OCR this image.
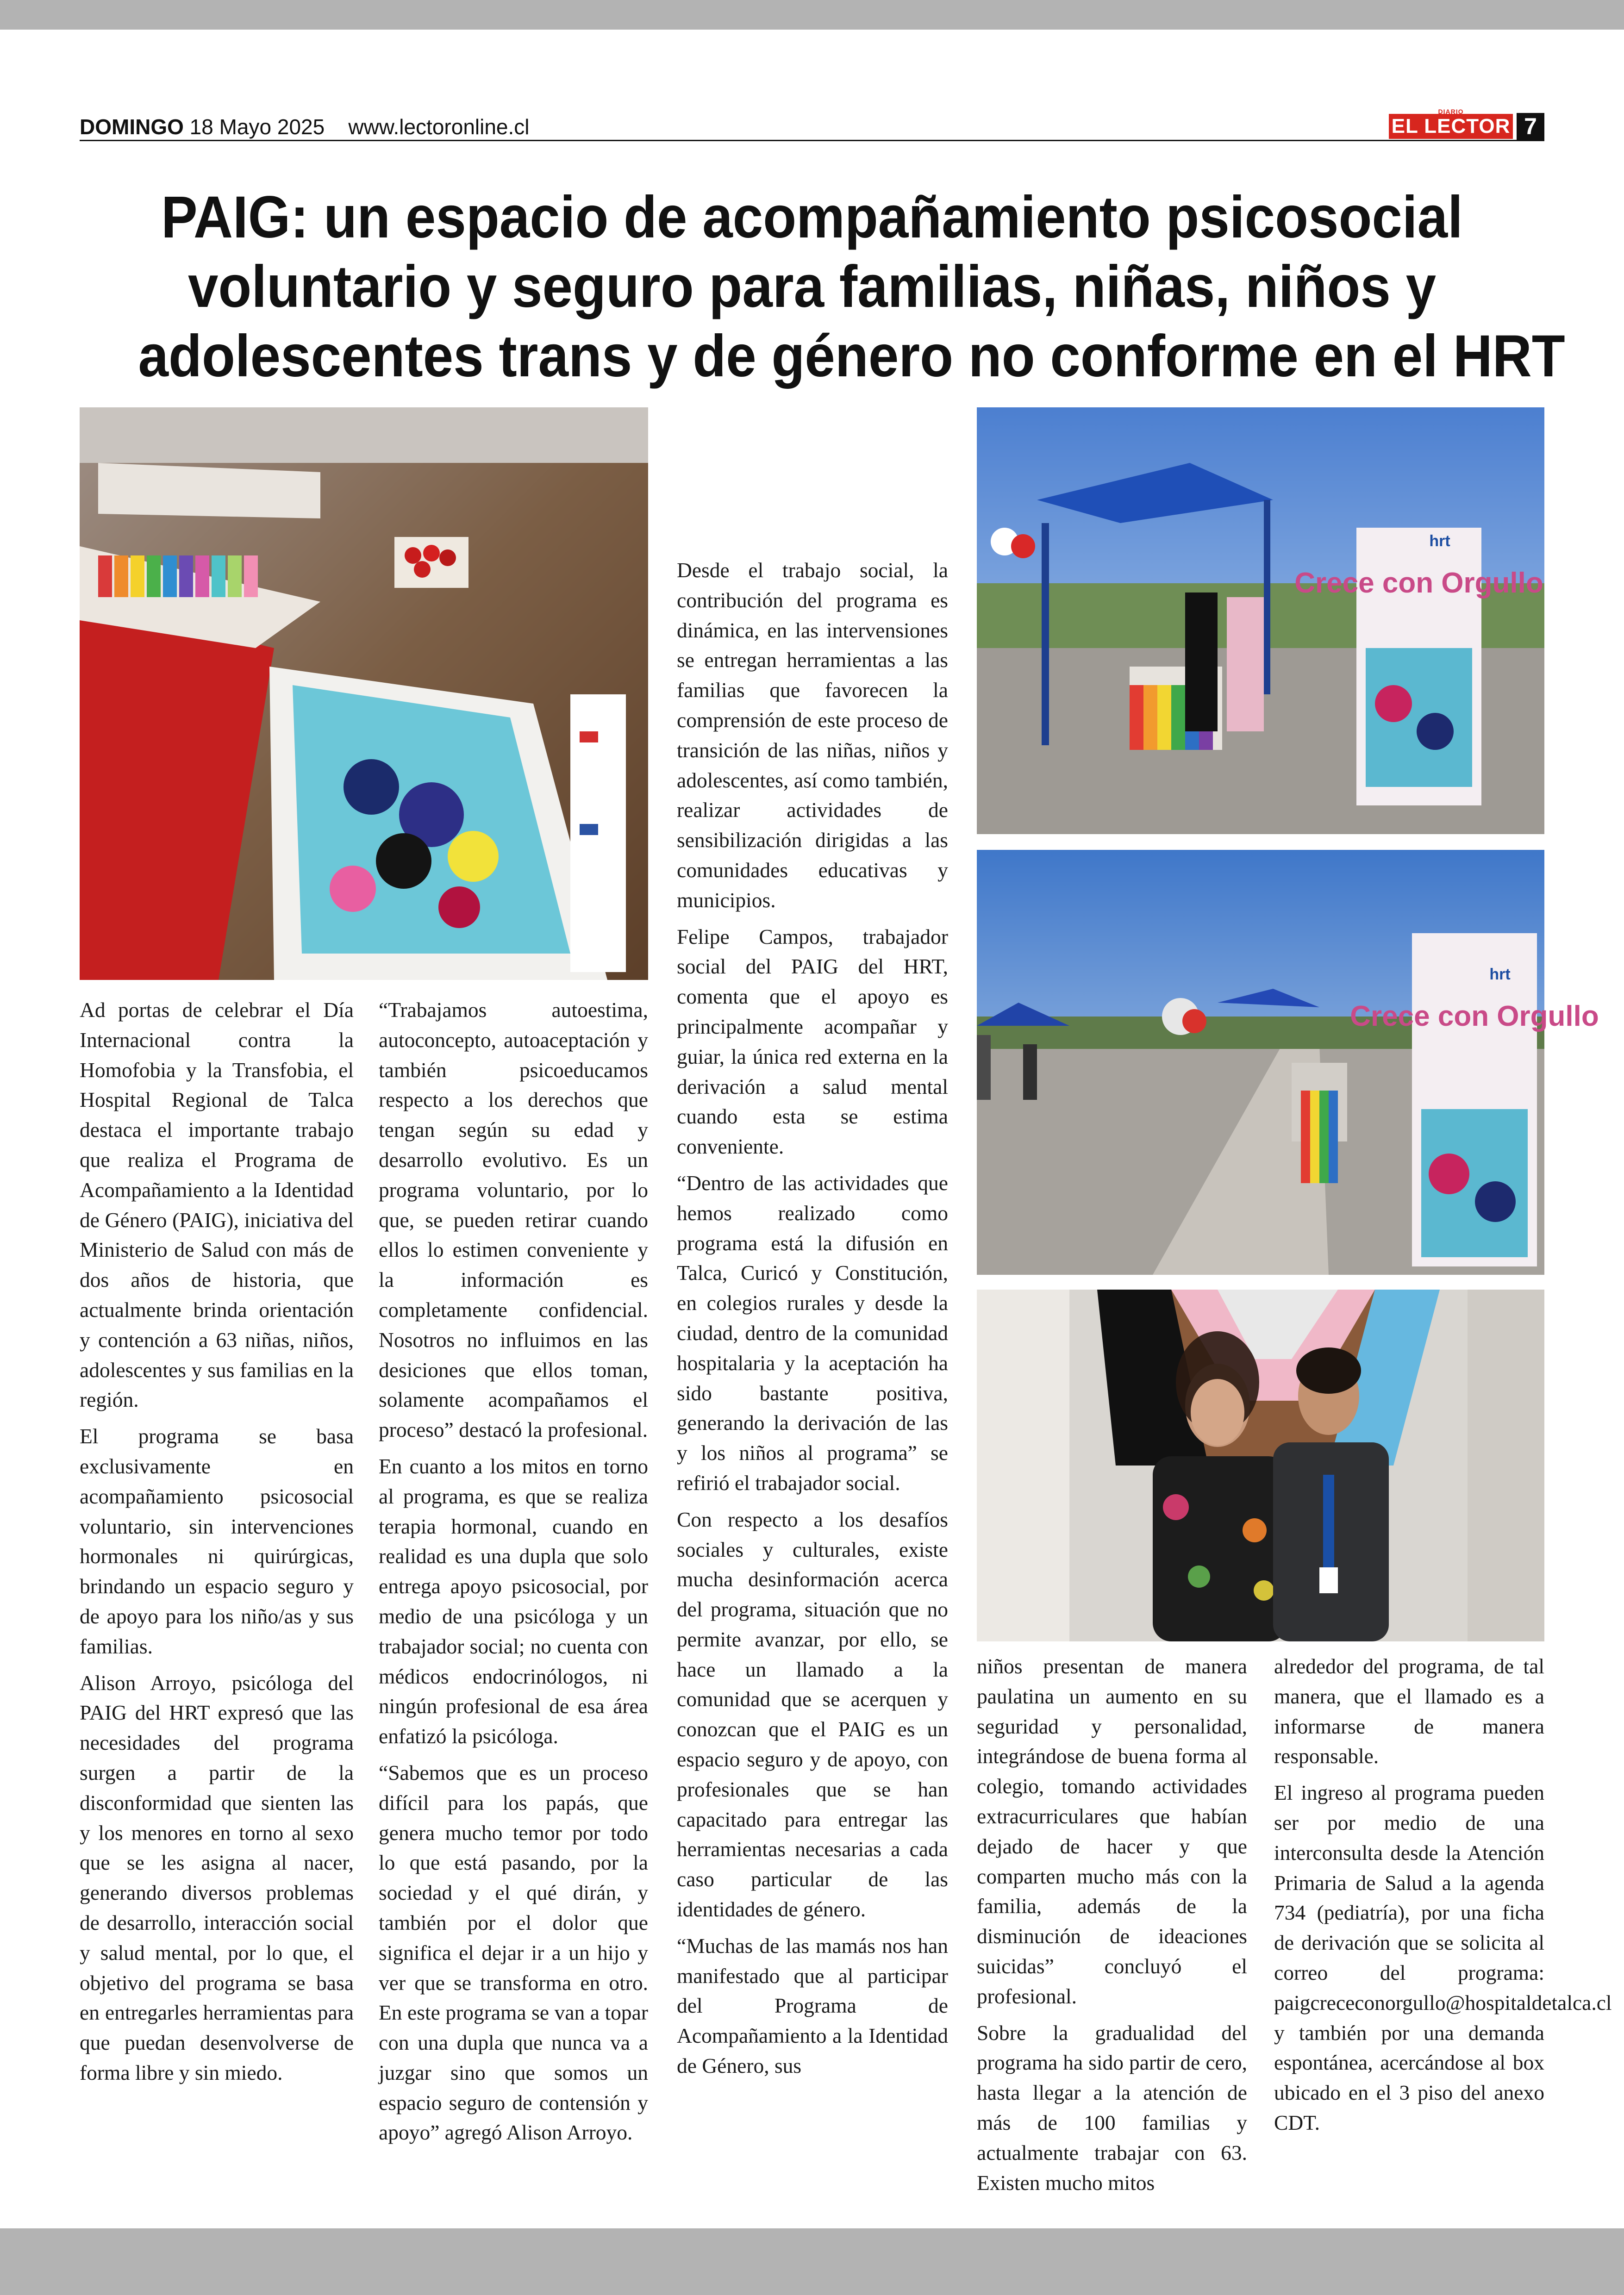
DOMINGO 18 Mayo 2025 www.lectoronline.cl
DIARIO
EL LECTOR 7
PAIG: un espacio de acompañamiento psicosocial
voluntario y seguro para familias, niñas, niños y
adolescentes trans y de género no conforme en el HRT
Crece con Orgullo
hrt
Crece con Orgullo
hrt

Ad portas de celebrar el Día Internacional contra la Homofobia y la Transfobia, el Hospital Regional de Talca destaca el importante trabajo que realiza el Programa de Acompañamiento a la Identidad de Género (PAIG), iniciativa del Ministerio de Salud con más de dos años de historia, que actualmente brinda orientación y contención a 63 niñas, niños, adolescentes y sus familias en la región.

El programa se basa exclusivamente en acompañamiento psicosocial voluntario, sin intervenciones hormonales ni quirúrgicas, brindando un espacio seguro y de apoyo para los niño/as y sus familias.

Alison Arroyo, psicóloga del PAIG del HRT expresó que las necesidades del programa surgen a partir de la disconformidad que sienten las y los menores en torno al sexo que se les asigna al nacer, generando diversos problemas de desarrollo, interacción social y salud mental, por lo que, el objetivo del programa se basa en entregarles herramientas para que puedan desenvolverse de forma libre y sin miedo.

“Trabajamos autoestima, autoconcepto, autoaceptación y también psicoeducamos respecto a los derechos que tengan según su edad y desarrollo evolutivo. Es un programa voluntario, por lo que, se pueden retirar cuando ellos lo estimen conveniente y la información es completamente confidencial. Nosotros no influimos en las desiciones que ellos toman, solamente acompañamos el proceso” destacó la profesional.

En cuanto a los mitos en torno al programa, es que se realiza terapia hormonal, cuando en realidad es una dupla que solo entrega apoyo psicosocial, por medio de una psicóloga y un trabajador social; no cuenta con médicos endocrinólogos, ni ningún profesional de esa área enfatizó la psicóloga.

“Sabemos que es un proceso difícil para los papás, que genera mucho temor por todo lo que está pasando, por la sociedad y el qué dirán, y también por el dolor que significa el dejar ir a un hijo y ver que se transforma en otro. En este programa se van a topar con una dupla que nunca va a juzgar sino que somos un espacio seguro de contensión y apoyo” agregó Alison Arroyo.

Desde el trabajo social, la contribución del programa es dinámica, en las intervensiones se entregan herramientas a las familias que favorecen la comprensión de este proceso de transición de las niñas, niños y adolescentes, así como también, realizar actividades de sensibilización dirigidas a las comunidades educativas y municipios.

Felipe Campos, trabajador social del PAIG del HRT, comenta que el apoyo es principalmente acompañar y guiar, la única red externa en la derivación a salud mental cuando esta se estima conveniente.

“Dentro de las actividades que hemos realizado como programa está la difusión en Talca, Curicó y Constitución, en colegios rurales y desde la ciudad, dentro de la comunidad hospitalaria y la aceptación ha sido bastante positiva, generando la derivación de las y los niños al programa” se refirió el trabajador social.

Con respecto a los desafíos sociales y culturales, existe mucha desinformación acerca del programa, situación que no permite avanzar, por ello, se hace un llamado a la comunidad que se acerquen y conozcan que el PAIG es un espacio seguro y de apoyo, con profesionales que se han capacitado para entregar las herramientas necesarias a cada caso particular de las identidades de género.

“Muchas de las mamás nos han manifestado que al participar del Programa de Acompañamiento a la Identidad de Género, sus

niños presentan de manera paulatina un aumento en su seguridad y personalidad, integrándose de buena forma al colegio, tomando actividades extracurriculares que habían dejado de hacer y que comparten mucho más con la familia, además de la disminución de ideaciones suicidas” concluyó el profesional.

Sobre la gradualidad del programa ha sido partir de cero, hasta llegar a la atención de más de 100 familias y actualmente trabajar con 63. Existen mucho mitos

alrededor del programa, de tal manera, que el llamado es a informarse de manera responsable.

El ingreso al programa pueden ser por medio de una interconsulta desde la Atención Primaria de Salud a la agenda 734 (pediatría), por una ficha de derivación que se solicita al correo del programa: paigcrececonorgullo@hospitaldetalca.cl y también por una demanda espontánea, acercándose al box ubicado en el 3 piso del anexo CDT.
